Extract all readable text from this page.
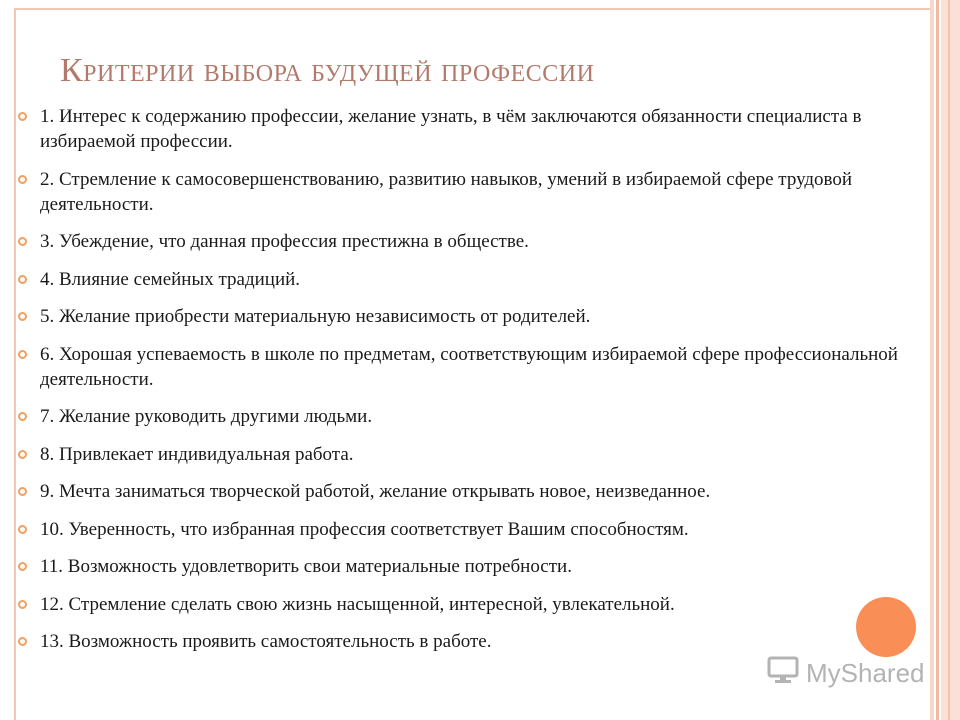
Критерии выбора будущей профессии
1. Интерес к содержанию профессии, желание узнать, в чём заключаются обязанности специалиста в избираемой профессии.
2. Стремление к самосовершенствованию, развитию навыков, умений в избираемой сфере трудовой деятельности.
3. Убеждение, что данная профессия престижна в обществе.
4. Влияние семейных традиций.
5. Желание приобрести материальную независимость от родителей.
6. Хорошая успеваемость в школе по предметам, соответствующим избираемой сфере профессиональной деятельности.
7. Желание руководить другими людьми.
8. Привлекает индивидуальная работа.
9. Мечта заниматься творческой работой, желание открывать новое, неизведанное.
10. Уверенность, что избранная профессия соответствует Вашим способностям.
11. Возможность удовлетворить свои материальные потребности.
12. Стремление сделать свою жизнь насыщенной, интересной, увлекательной.
13. Возможность проявить самостоятельность в работе.
MyShared
